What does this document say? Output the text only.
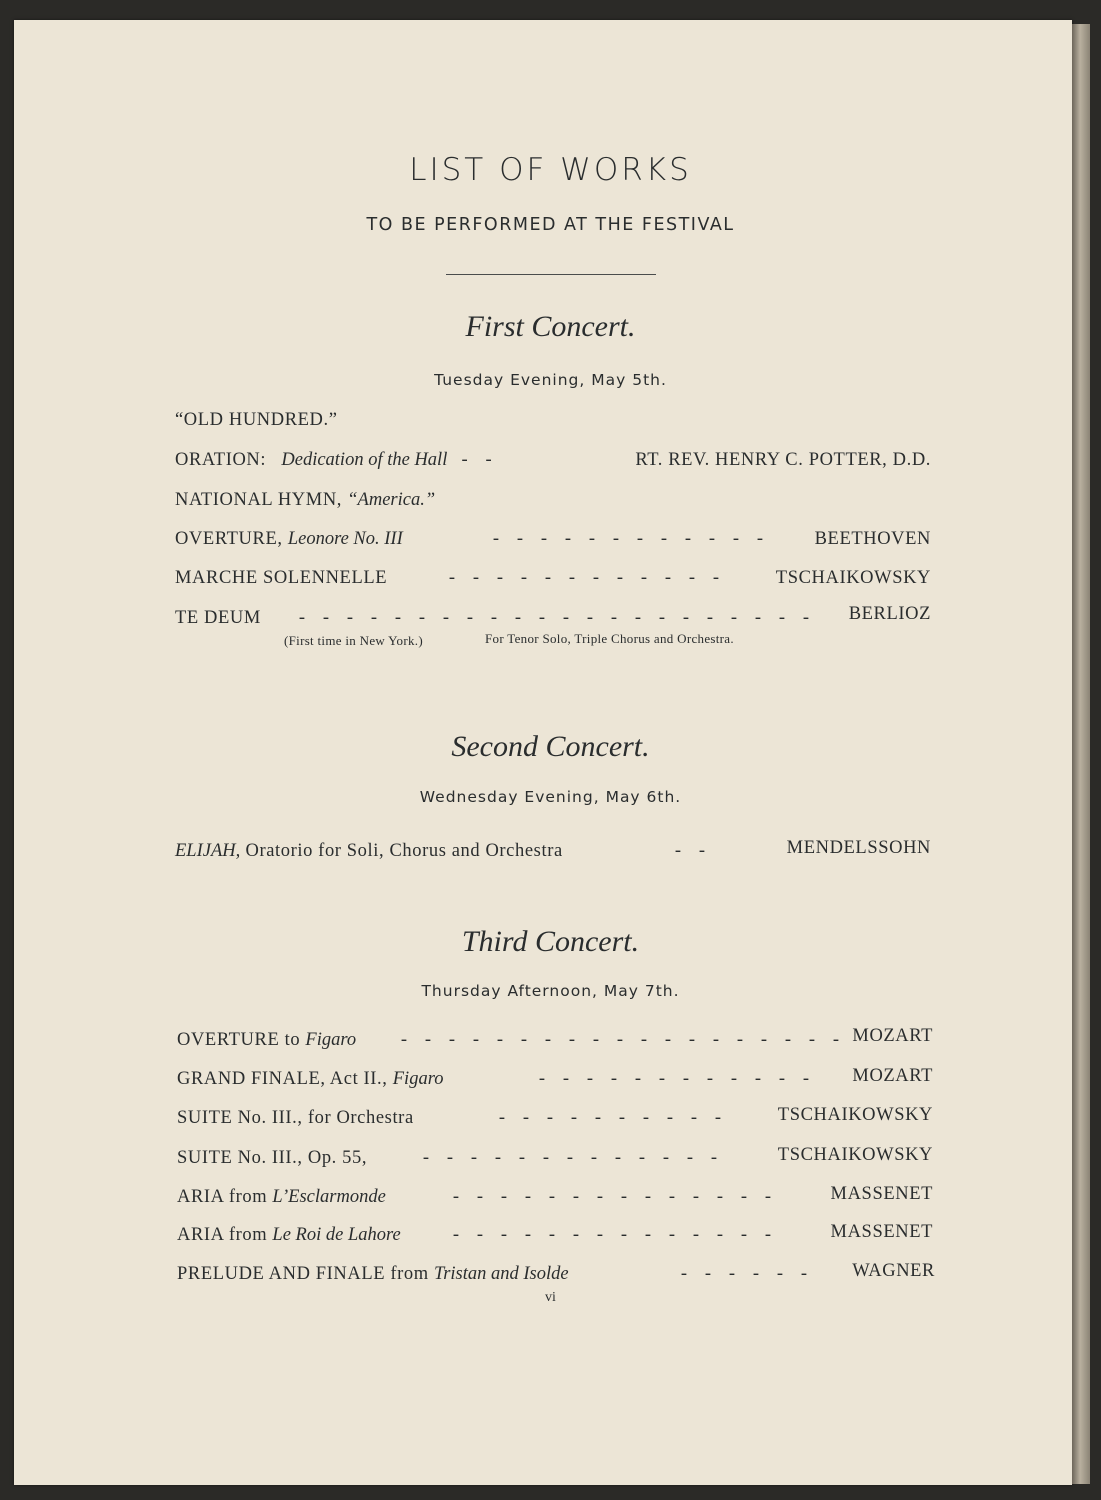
LIST OF WORKS
TO BE PERFORMED AT THE FESTIVAL
First Concert.
Tuesday Evening, May 5th.
“OLD HUNDRED.”
ORATION: Dedication of the Hall - -	RT. REV. HENRY C. POTTER, D.D.
NATIONAL HYMN, “America.”
OVERTURE, Leonore No. III	- - - - - - - - - - - -	BEETHOVEN
MARCHE SOLENNELLE	- - - - - - - - - - - -	TSCHAIKOWSKY
TE DEUM	- - - - - - - - - - - - - - - - - - - - - -	BERLIOZ
(First time in New York.)	For Tenor Solo, Triple Chorus and Orchestra.
Second Concert.
Wednesday Evening, May 6th.
ELIJAH, Oratorio for Soli, Chorus and Orchestra	- -	MENDELSSOHN
Third Concert.
Thursday Afternoon, May 7th.
OVERTURE to Figaro	- - - - - - - - - - - - - - - - - - - MOZART
GRAND FINALE, Act II., Figaro	- - - - - - - - - - - -	MOZART
SUITE No. III., for Orchestra	- - - - - - - - - -	TSCHAIKOWSKY
SUITE No. III., Op. 55,	- - - - - - - - - - - - -	TSCHAIKOWSKY
ARIA from L’Esclarmonde	- - - - - - - - - - - - - -	MASSENET
ARIA from Le Roi de Lahore	- - - - - - - - - - - - - -	MASSENET
PRELUDE AND FINALE from Tristan and Isolde	- - - - - -	WAGNER
vi
